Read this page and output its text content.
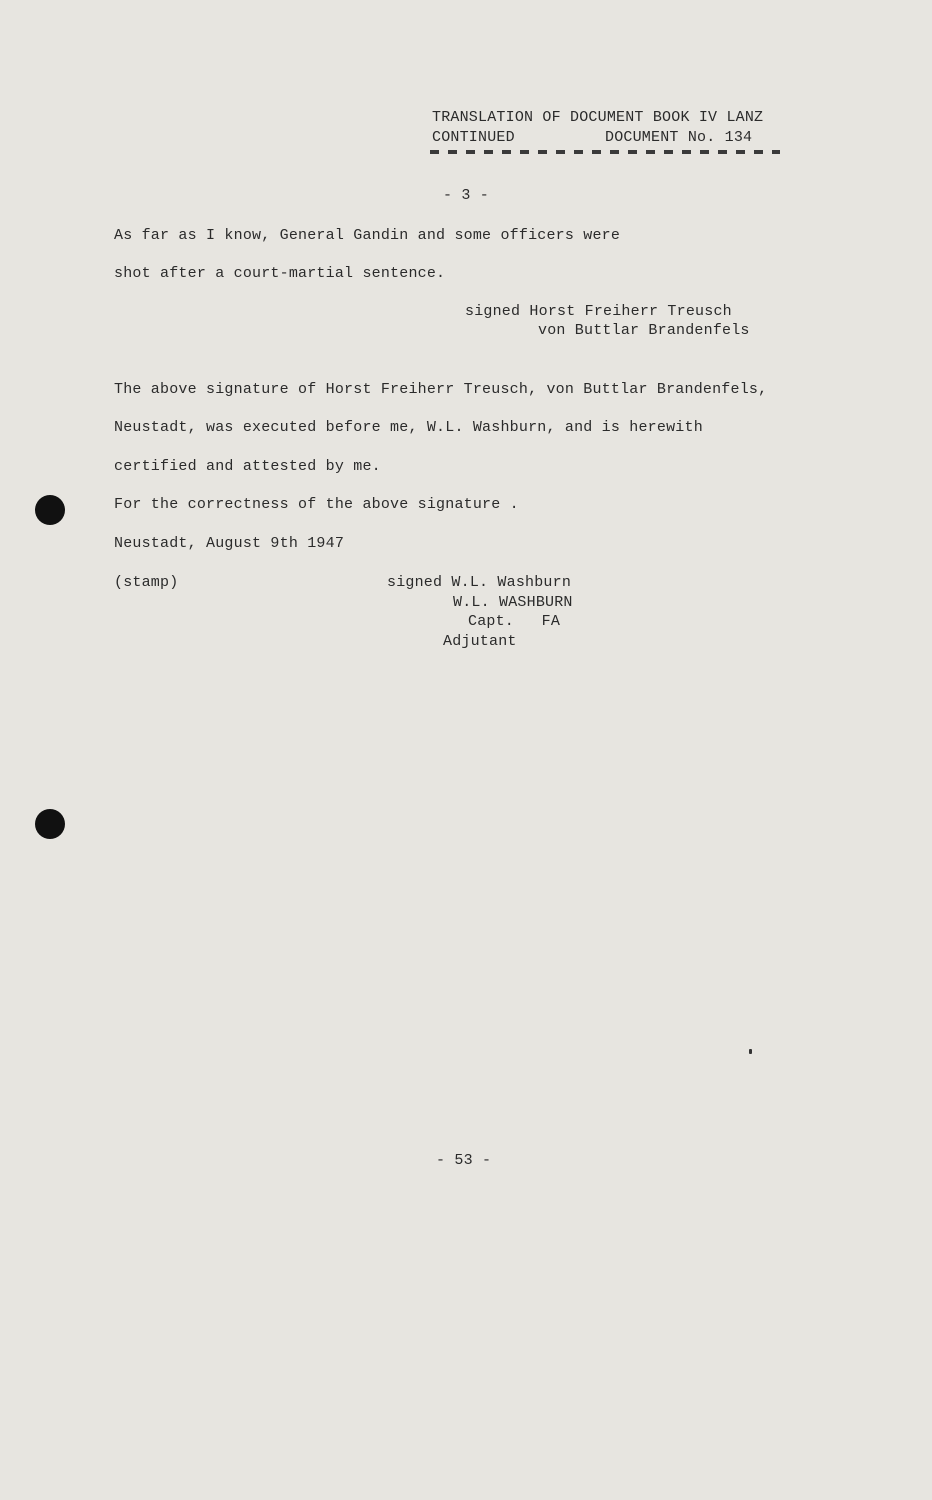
TRANSLATION OF DOCUMENT BOOK IV LANZ
CONTINUED	DOCUMENT No. 134
- 3 -
As far as I know, General Gandin and some officers were
shot after a court-martial sentence.
signed Horst Freiherr Treusch
von Buttlar Brandenfels
The above signature of Horst Freiherr Treusch, von Buttlar Brandenfels,
Neustadt, was executed before me, W.L. Washburn, and is herewith
certified and attested by me.
For the correctness of the above signature .
Neustadt, August 9th 1947
(stamp)	signed W.L. Washburn
W.L. WASHBURN
Capt.   FA
Adjutant
- 53 -
